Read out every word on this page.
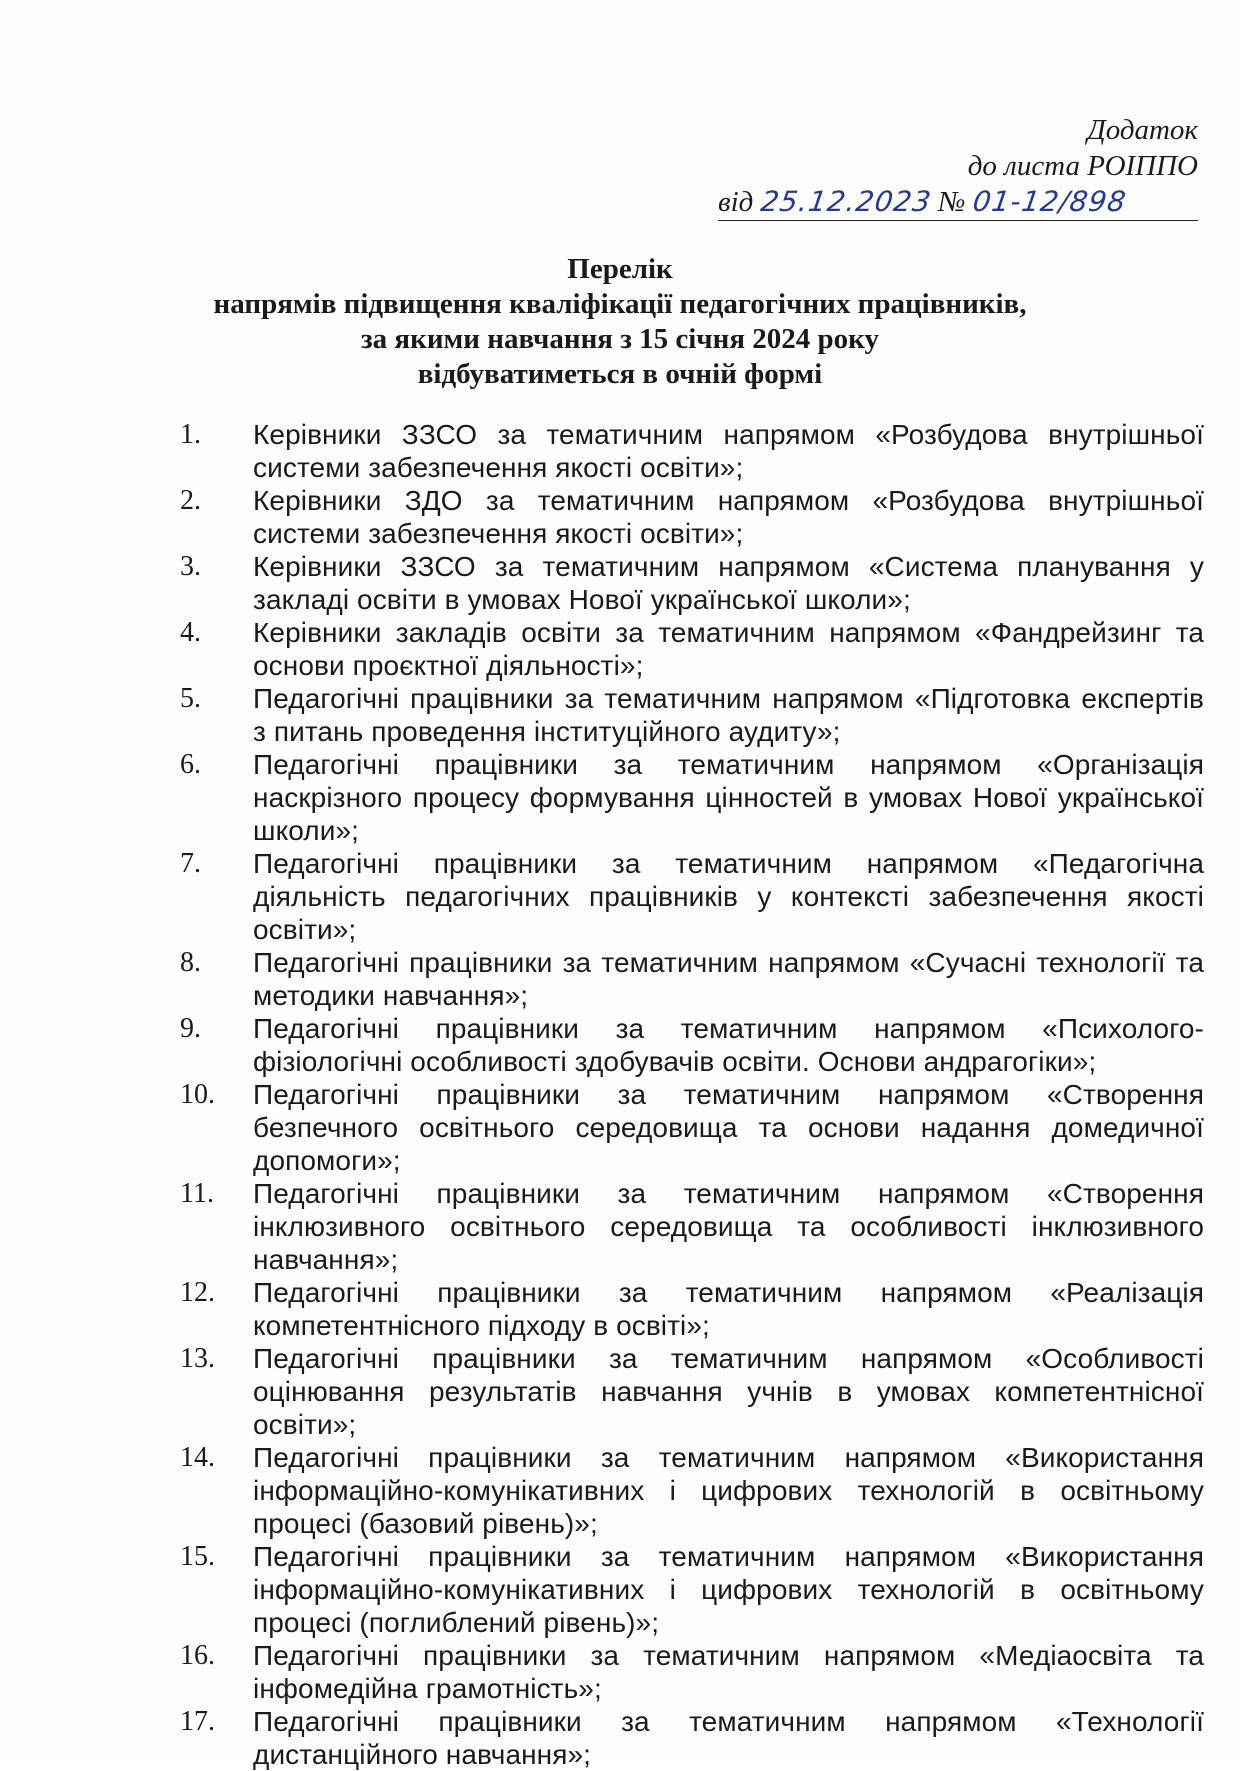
Додаток
до листа РОІППО
від 25.12.2023 № 01-12/898
Перелік
напрямів підвищення кваліфікації педагогічних працівників,
за якими навчання з 15 січня 2024 року
відбуватиметься в очній формі
1.	Керівники ЗЗСО за тематичним напрямом «Розбудова внутрішньої системи забезпечення якості освіти»;
2.	Керівники ЗДО за тематичним напрямом «Розбудова внутрішньої системи забезпечення якості освіти»;
3.	Керівники ЗЗСО за тематичним напрямом «Система планування у закладі освіти в умовах Нової української школи»;
4.	Керівники закладів освіти за тематичним напрямом «Фандрейзинг та основи проєктної діяльності»;
5.	Педагогічні працівники за тематичним напрямом «Підготовка експертів з питань проведення інституційного аудиту»;
6.	Педагогічні працівники за тематичним напрямом «Організація наскрізного процесу формування цінностей в умовах Нової української школи»;
7.	Педагогічні працівники за тематичним напрямом «Педагогічна діяльність педагогічних працівників у контексті забезпечення якості освіти»;
8.	Педагогічні працівники за тематичним напрямом «Сучасні технології та методики навчання»;
9.	Педагогічні працівники за тематичним напрямом «Психолого-фізіологічні особливості здобувачів освіти. Основи андрагогіки»;
10.	Педагогічні працівники за тематичним напрямом «Створення безпечного освітнього середовища та основи надання домедичної допомоги»;
11.	Педагогічні працівники за тематичним напрямом «Створення інклюзивного освітнього середовища та особливості інклюзивного навчання»;
12.	Педагогічні працівники за тематичним напрямом «Реалізація компетентнісного підходу в освіті»;
13.	Педагогічні працівники за тематичним напрямом «Особливості оцінювання результатів навчання учнів в умовах компетентнісної освіти»;
14.	Педагогічні працівники за тематичним напрямом «Використання інформаційно-комунікативних і цифрових технологій в освітньому процесі (базовий рівень)»;
15.	Педагогічні працівники за тематичним напрямом «Використання інформаційно-комунікативних і цифрових технологій в освітньому процесі (поглиблений рівень)»;
16.	Педагогічні працівники за тематичним напрямом «Медіаосвіта та інфомедійна грамотність»;
17.	Педагогічні працівники за тематичним напрямом «Технології дистанційного навчання»;
